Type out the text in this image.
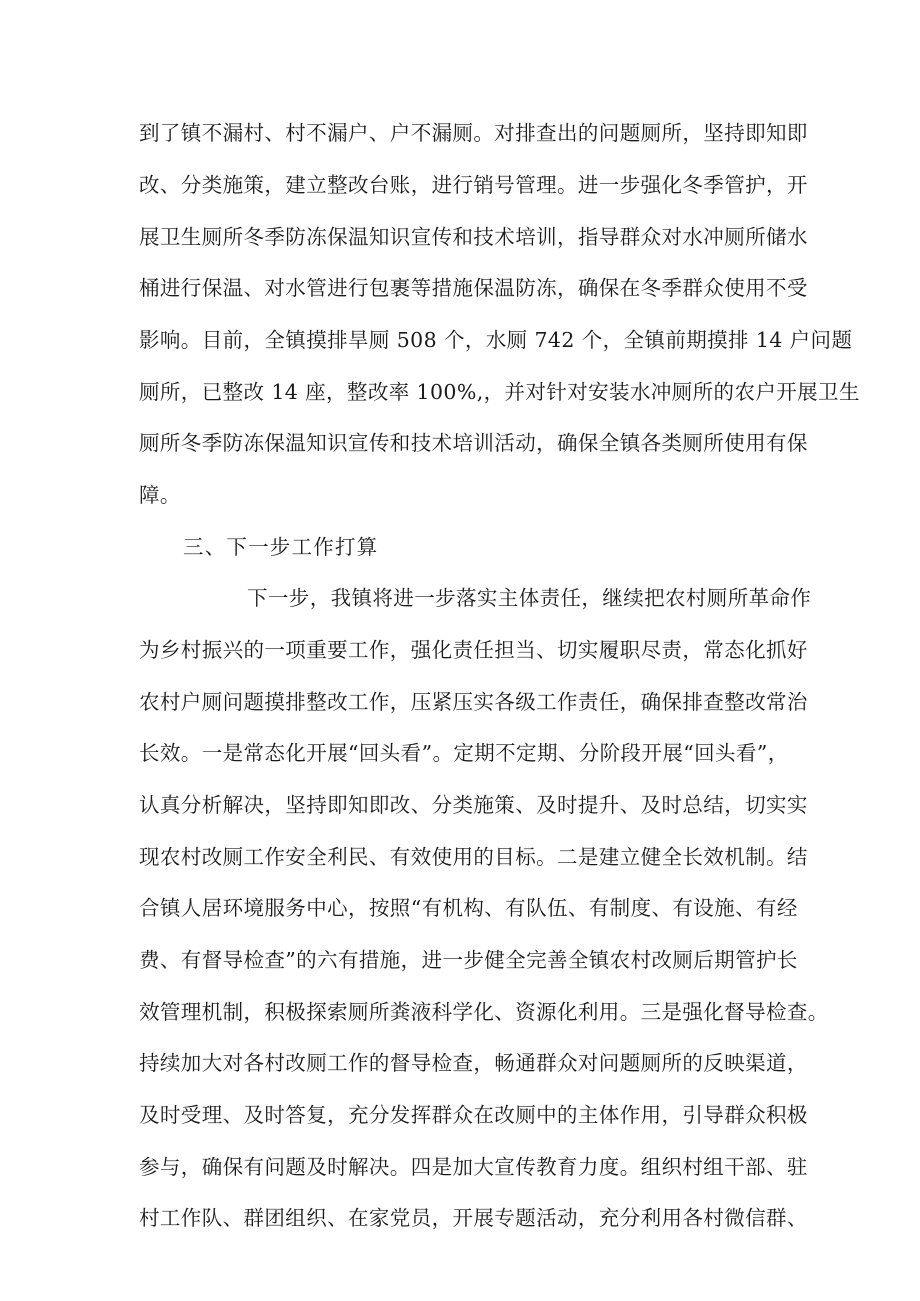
到了镇不漏村、村不漏户、户不漏厕。对排查出的问题厕所，坚持即知即
改、分类施策，建立整改台账，进行销号管理。进一步强化冬季管护，开
展卫生厕所冬季防冻保温知识宣传和技术培训，指导群众对水冲厕所储水
桶进行保温、对水管进行包裹等措施保温防冻，确保在冬季群众使用不受
影响。目前，全镇摸排旱厕 508 个，水厕 742 个，全镇前期摸排 14 户问题
厕所，已整改 14 座，整改率 100%,，并对针对安装水冲厕所的农户开展卫生
厕所冬季防冻保温知识宣传和技术培训活动，确保全镇各类厕所使用有保
障。
三、下一步工作打算
下一步，我镇将进一步落实主体责任，继续把农村厕所革命作
为乡村振兴的一项重要工作，强化责任担当、切实履职尽责，常态化抓好
农村户厕问题摸排整改工作，压紧压实各级工作责任，确保排查整改常治
长效。一是常态化开展“回头看”。定期不定期、分阶段开展“回头看”，
认真分析解决，坚持即知即改、分类施策、及时提升、及时总结，切实实
现农村改厕工作安全利民、有效使用的目标。二是建立健全长效机制。结
合镇人居环境服务中心，按照“有机构、有队伍、有制度、有设施、有经
费、有督导检查”的六有措施，进一步健全完善全镇农村改厕后期管护长
效管理机制，积极探索厕所粪液科学化、资源化利用。三是强化督导检查。
持续加大对各村改厕工作的督导检查，畅通群众对问题厕所的反映渠道，
及时受理、及时答复，充分发挥群众在改厕中的主体作用，引导群众积极
参与，确保有问题及时解决。四是加大宣传教育力度。组织村组干部、驻
村工作队、群团组织、在家党员，开展专题活动，充分利用各村微信群、
